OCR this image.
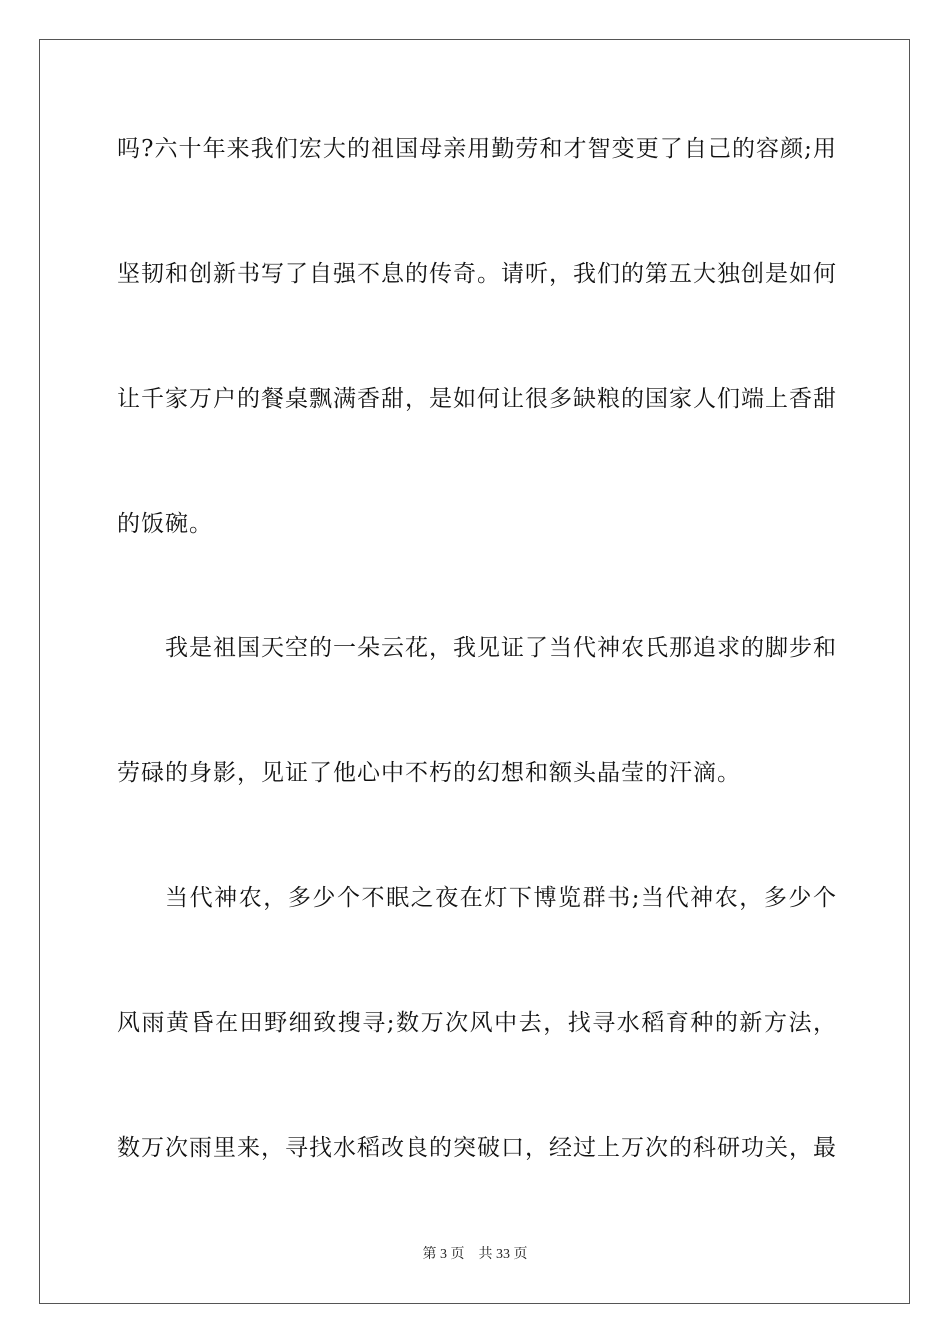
吗?六十年来我们宏大的祖国母亲用勤劳和才智变更了自己的容颜;用
坚韧和创新书写了自强不息的传奇。请听，我们的第五大独创是如何
让千家万户的餐桌飘满香甜，是如何让很多缺粮的国家人们端上香甜
的饭碗。
我是祖国天空的一朵云花，我见证了当代神农氏那追求的脚步和
劳碌的身影，见证了他心中不朽的幻想和额头晶莹的汗滴。
当代神农，多少个不眠之夜在灯下博览群书;当代神农，多少个
风雨黄昏在田野细致搜寻;数万次风中去，找寻水稻育种的新方法，
数万次雨里来，寻找水稻改良的突破口，经过上万次的科研功关，最
第 3 页 共 33 页
